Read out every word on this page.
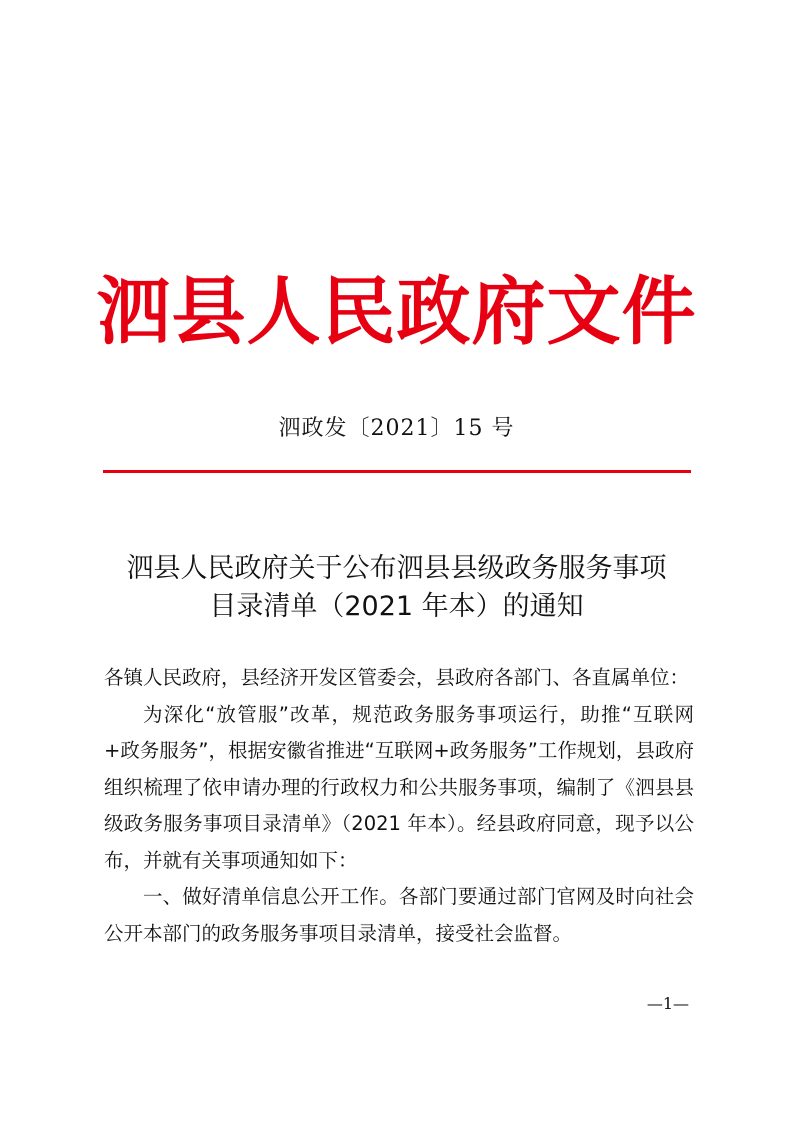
泗县人民政府文件
泗政发〔2021〕15 号
泗县人民政府关于公布泗县县级政务服务事项
目录清单（2021 年本）的通知

各镇人民政府，县经济开发区管委会，县政府各部门、各直属单位：

为深化“放管服”改革，规范政务服务事项运行，助推“互联网+政务服务”，根据安徽省推进“互联网+政务服务”工作规划，县政府组织梳理了依申请办理的行政权力和公共服务事项，编制了《泗县县级政务服务事项目录清单》（2021 年本）。经县政府同意，现予以公布，并就有关事项通知如下：

一、做好清单信息公开工作。各部门要通过部门官网及时向社会公开本部门的政务服务事项目录清单，接受社会监督。

—1—
